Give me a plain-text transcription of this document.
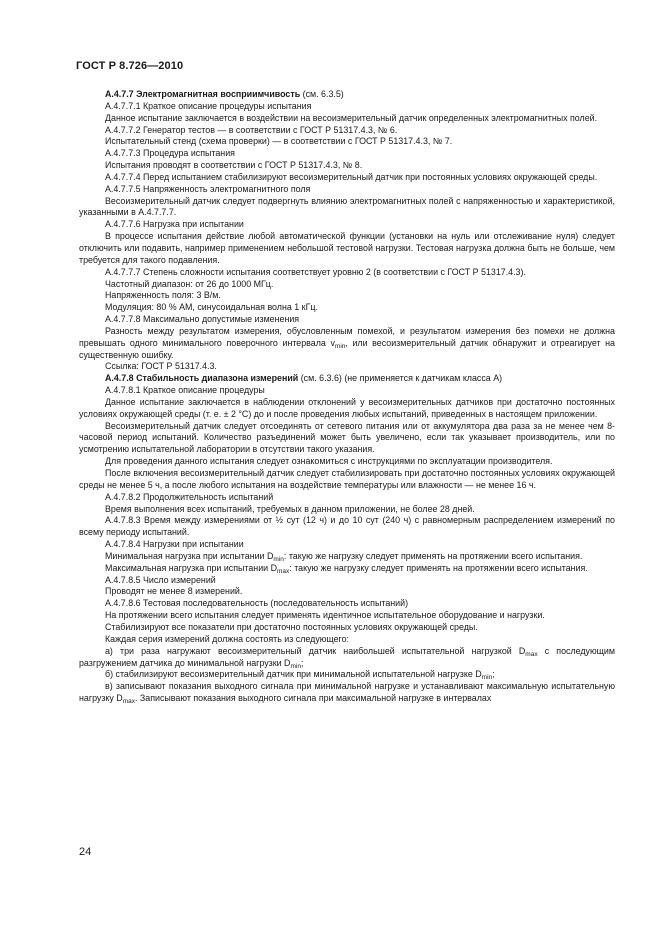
ГОСТ Р 8.726—2010

А.4.7.7 Электромагнитная восприимчивость (см. 6.3.5)

А.4.7.7.1 Краткое описание процедуры испытания

Данное испытание заключается в воздействии на весоизмерительный датчик определенных электромагнитных полей.

А.4.7.7.2 Генератор тестов — в соответствии с ГОСТ Р 51317.4.3, № 6.

Испытательный стенд (схема проверки) — в соответствии с ГОСТ Р 51317.4.3, № 7.

А.4.7.7.3 Процедура испытания

Испытания проводят в соответствии с ГОСТ Р 51317.4.3, № 8.

А.4.7.7.4 Перед испытанием стабилизируют весоизмерительный датчик при постоянных условиях окружающей среды.

А.4.7.7.5 Напряженность электромагнитного поля

Весоизмерительный датчик следует подвергнуть влиянию электромагнитных полей с напряженностью и характеристикой, указанными в А.4.7.7.7.

А.4.7.7.6 Нагрузка при испытании

В процессе испытания действие любой автоматической функции (установки на нуль или отслеживание нуля) следует отключить или подавить, например применением небольшой тестовой нагрузки. Тестовая нагрузка должна быть не больше, чем требуется для такого подавления.

А.4.7.7.7 Степень сложности испытания соответствует уровню 2 (в соответствии с ГОСТ Р 51317.4.3).

Частотный диапазон: от 26 до 1000 МГц.

Напряженность поля: 3 В/м.

Модуляция: 80 % АМ, синусоидальная волна 1 кГц.

А.4.7.7.8 Максимально допустимые изменения

Разность между результатом измерения, обусловленным помехой, и результатом измерения без помехи не должна превышать одного минимального поверочного интервала $v_{min}$, или весоизмерительный датчик обнаружит и отреагирует на существенную ошибку.

Ссылка: ГОСТ Р 51317.4.3.

А.4.7.8 Стабильность диапазона измерений (см. 6.3.6) (не применяется к датчикам класса А)

А.4.7.8.1 Краткое описание процедуры

Данное испытание заключается в наблюдении отклонений у весоизмерительных датчиков при достаточно постоянных условиях окружающей среды (т. е. ± 2 °С) до и после проведения любых испытаний, приведенных в настоящем приложении.

Весоизмерительный датчик следует отсоединять от сетевого питания или от аккумулятора два раза за не менее чем 8-часовой период испытаний. Количество разъединений может быть увеличено, если так указывает производитель, или по усмотрению испытательной лаборатории в отсутствии такого указания.

Для проведения данного испытания следует ознакомиться с инструкциями по эксплуатации производителя.

После включения весоизмерительный датчик следует стабилизировать при достаточно постоянных условиях окружающей среды не менее 5 ч, а после любого испытания на воздействие температуры или влажности — не менее 16 ч.

А.4.7.8.2 Продолжительность испытаний

Время выполнения всех испытаний, требуемых в данном приложении, не более 28 дней.

А.4.7.8.3 Время между измерениями от ½ сут (12 ч) и до 10 сут (240 ч) с равномерным распределением измерений по всему периоду испытаний.

А.4.7.8.4 Нагрузки при испытании

Минимальная нагрузка при испытании $D_{min}$: такую же нагрузку следует применять на протяжении всего испытания.

Максимальная нагрузка при испытании $D_{max}$: такую же нагрузку следует применять на протяжении всего испытания.

А.4.7.8.5 Число измерений

Проводят не менее 8 измерений.

А.4.7.8.6 Тестовая последовательность (последовательность испытаний)

На протяжении всего испытания следует применять идентичное испытательное оборудование и нагрузки.

Стабилизируют все показатели при достаточно постоянных условиях окружающей среды.

Каждая серия измерений должна состоять из следующего:

а) три раза нагружают весоизмерительный датчик наибольшей испытательной нагрузкой $D_{max}$ с последующим разгружением датчика до минимальной нагрузки $D_{min}$;

б) стабилизируют весоизмерительный датчик при минимальной испытательной нагрузке $D_{min}$;

в) записывают показания выходного сигнала при минимальной нагрузке и устанавливают максимальную испытательную нагрузку $D_{max}$. Записывают показания выходного сигнала при максимальной нагрузке в интервалах

24
